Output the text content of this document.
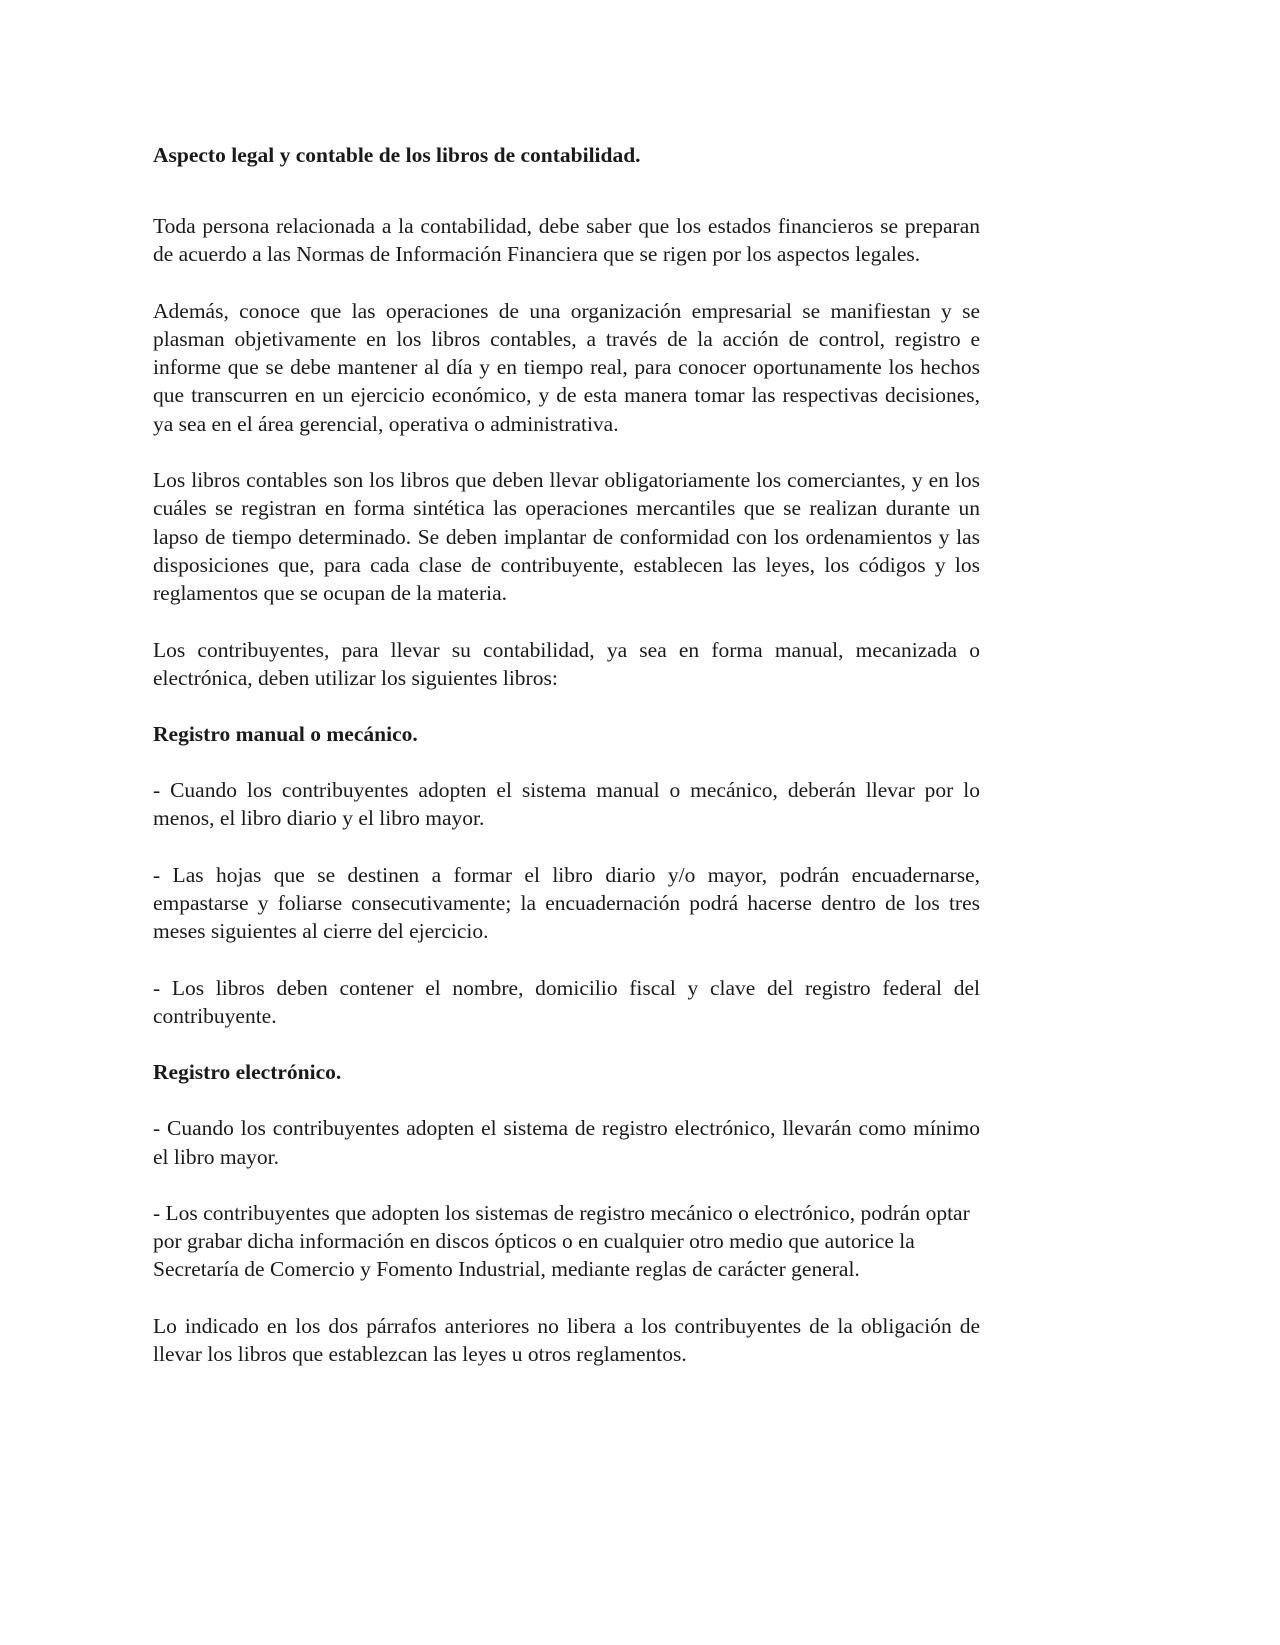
Aspecto legal y contable de los libros de contabilidad.

Toda persona relacionada a la contabilidad, debe saber que los estados financieros se preparan de acuerdo a las Normas de Información Financiera que se rigen por los aspectos legales.

Además, conoce que las operaciones de una organización empresarial se manifiestan y se plasman objetivamente en los libros contables, a través de la acción de control, registro e informe que se debe mantener al día y en tiempo real, para conocer oportunamente los hechos que transcurren en un ejercicio económico, y de esta manera tomar las respectivas decisiones, ya sea en el área gerencial, operativa o administrativa.

Los libros contables son los libros que deben llevar obligatoriamente los comerciantes, y en los cuáles se registran en forma sintética las operaciones mercantiles que se realizan durante un lapso de tiempo determinado. Se deben implantar de conformidad con los ordenamientos y las disposiciones que, para cada clase de contribuyente, establecen las leyes, los códigos y los reglamentos que se ocupan de la materia.

Los contribuyentes, para llevar su contabilidad, ya sea en forma manual, mecanizada o electrónica, deben utilizar los siguientes libros:

Registro manual o mecánico.

- Cuando los contribuyentes adopten el sistema manual o mecánico, deberán llevar por lo menos, el libro diario y el libro mayor.

- Las hojas que se destinen a formar el libro diario y/o mayor, podrán encuadernarse, empastarse y foliarse consecutivamente; la encuadernación podrá hacerse dentro de los tres meses siguientes al cierre del ejercicio.

- Los libros deben contener el nombre, domicilio fiscal y clave del registro federal del contribuyente.

Registro electrónico.

- Cuando los contribuyentes adopten el sistema de registro electrónico, llevarán como mínimo el libro mayor.

- Los contribuyentes que adopten los sistemas de registro mecánico o electrónico, podrán optar por grabar dicha información en discos ópticos o en cualquier otro medio que autorice la Secretaría de Comercio y Fomento Industrial, mediante reglas de carácter general.

Lo indicado en los dos párrafos anteriores no libera a los contribuyentes de la obligación de llevar los libros que establezcan las leyes u otros reglamentos.
